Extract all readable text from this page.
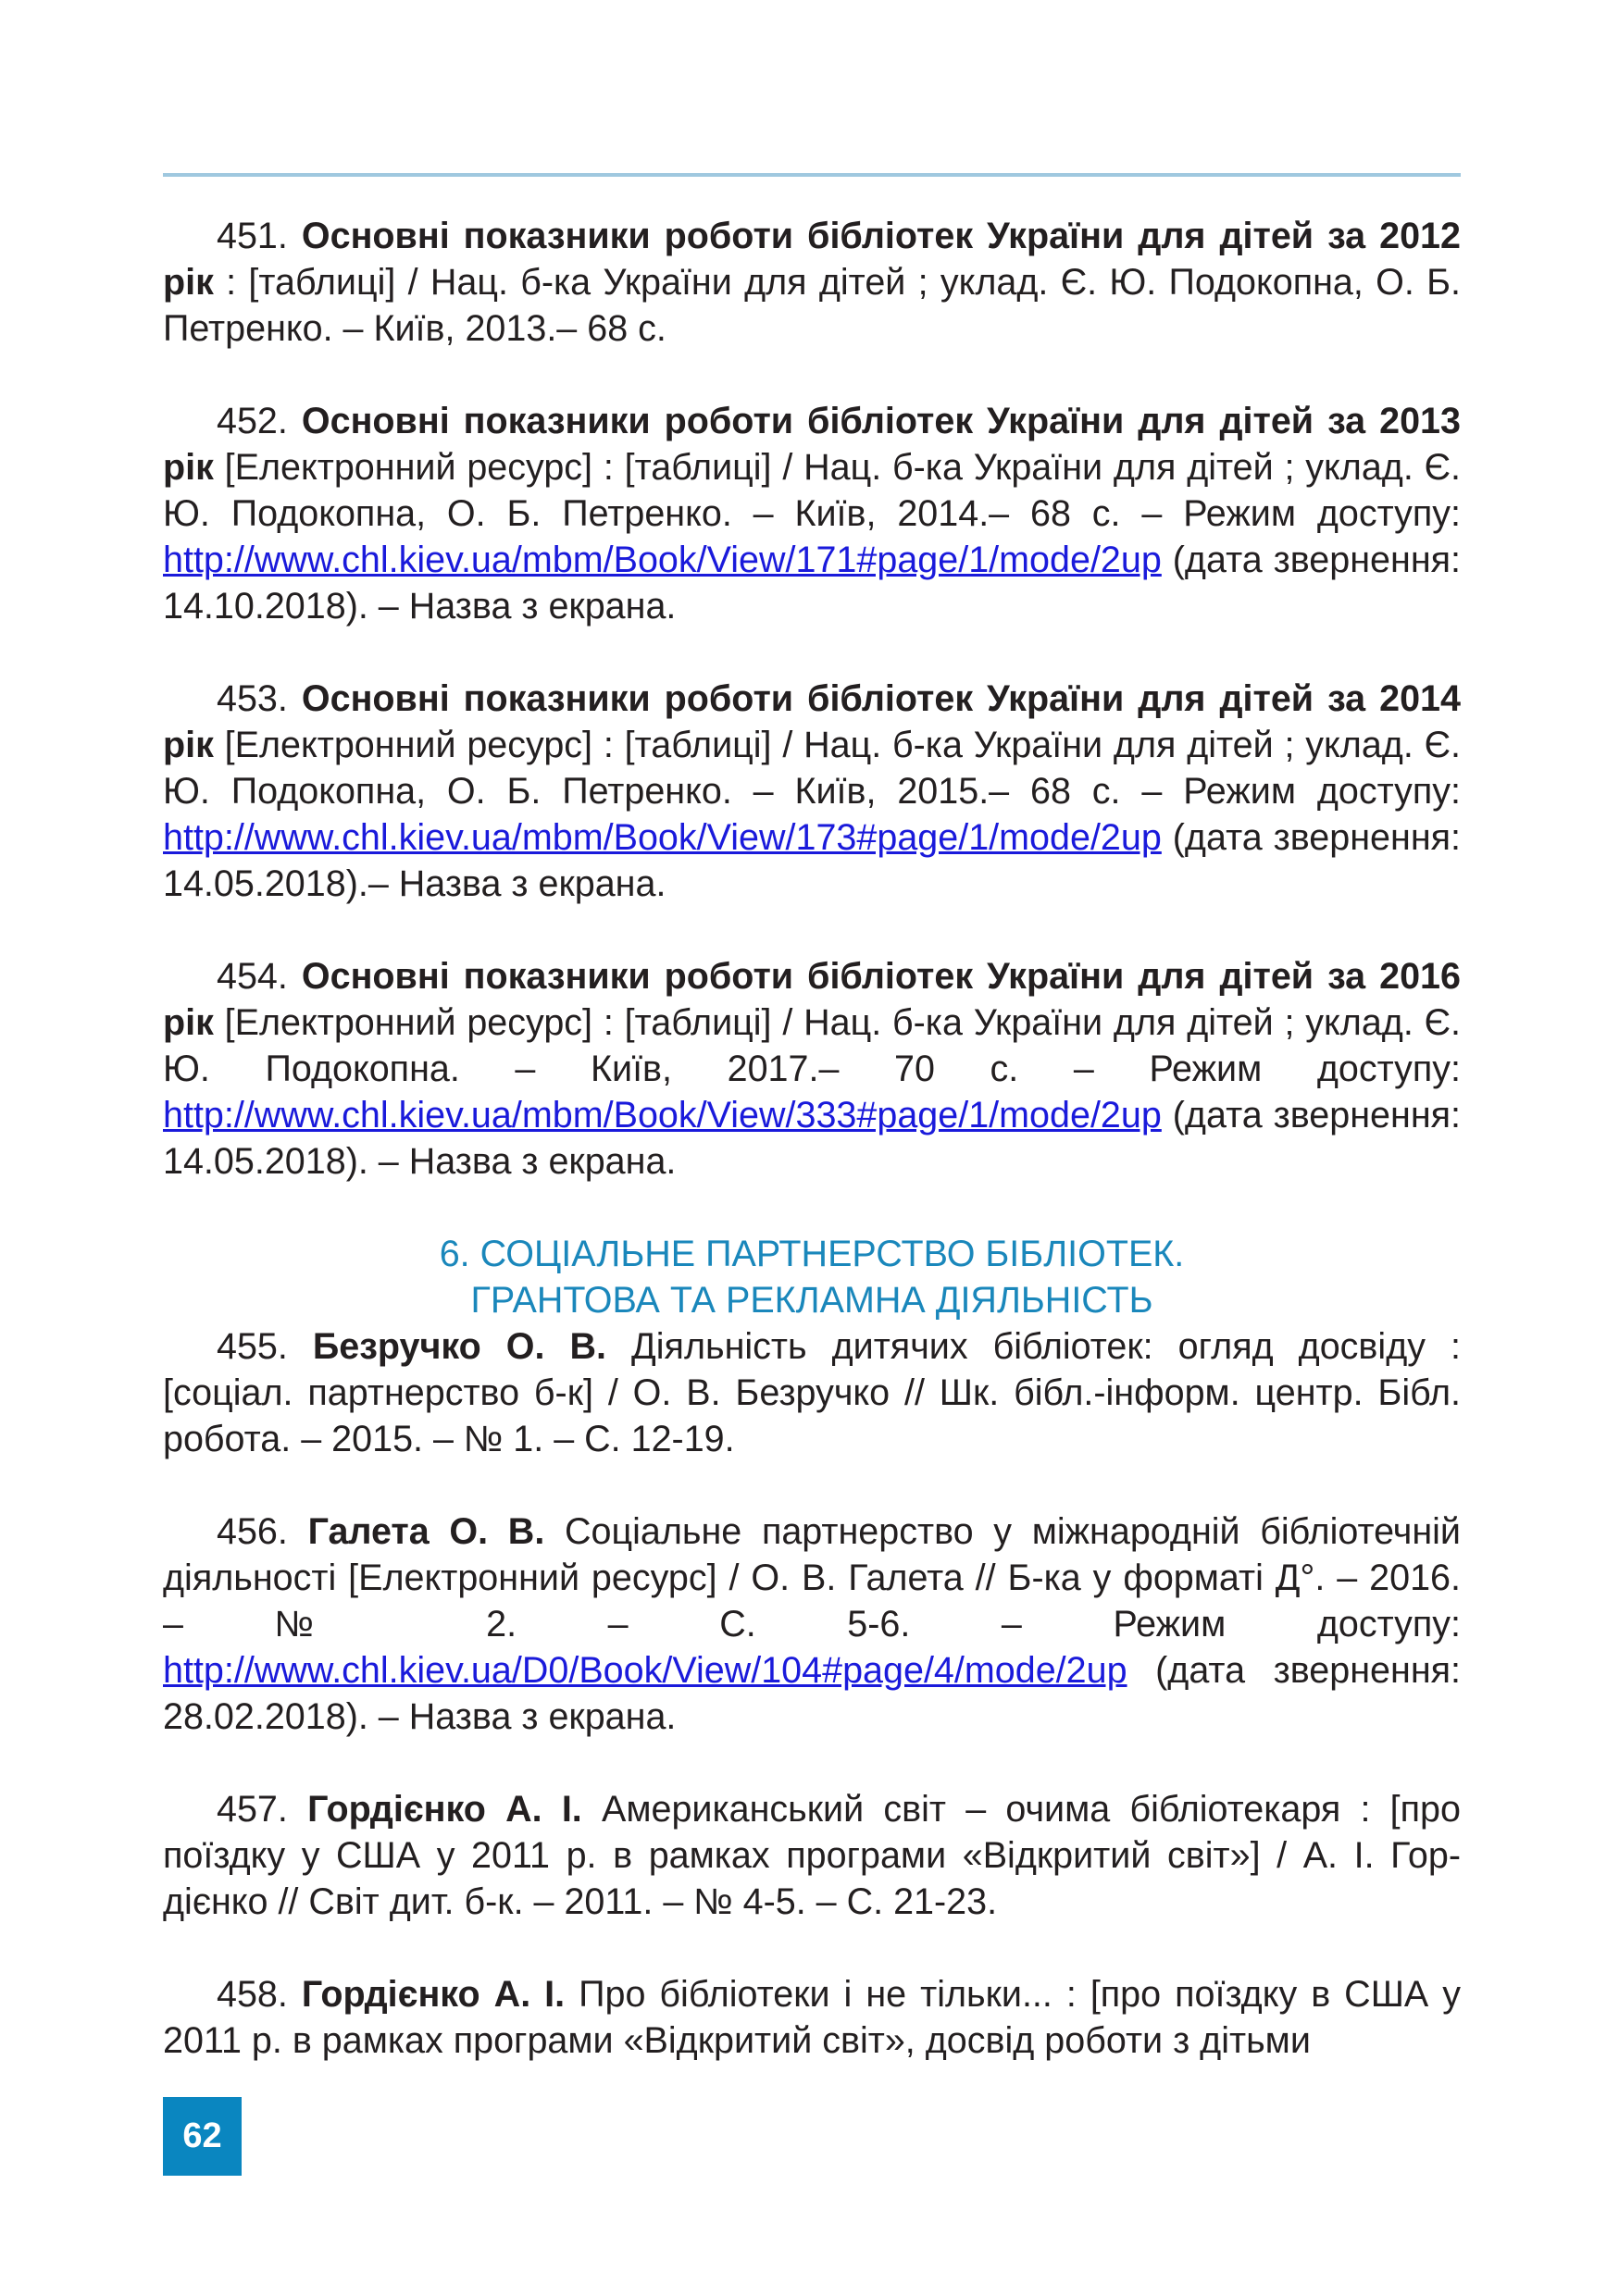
451. Основні показники роботи бібліотек України для дітей за 2012 рік : [таблиці] / Нац. б-ка України для дітей ; уклад. Є. Ю. Подокопна, О. Б. Петренко. – Київ, 2013.– 68 с.

452. Основні показники роботи бібліотек України для дітей за 2013 рік [Електронний ресурс] : [таблиці] / Нац. б-ка України для дітей ; уклад. Є. Ю. Подокопна, О. Б. Петренко. – Київ, 2014.– 68 с. – Режим доступу: http://www.chl.kiev.ua/mbm/Book/View/171#page/1/mode/2up (дата звернення: 14.10.2018). – Назва з екрана.

453. Основні показники роботи бібліотек України для дітей за 2014 рік [Електронний ресурс] : [таблиці] / Нац. б-ка України для дітей ; уклад. Є. Ю. Подокопна, О. Б. Петренко. – Київ, 2015.– 68 с. – Режим доступу: http://www.chl.kiev.ua/mbm/Book/View/173#page/1/mode/2up (дата звернення: 14.05.2018).– Назва з екрана.

454. Основні показники роботи бібліотек України для дітей за 2016 рік [Електронний ресурс] : [таблиці] / Нац. б-ка України для дітей ; уклад. Є. Ю. Подокопна. – Київ, 2017.– 70 с. – Режим доступу: http://www.chl.kiev.ua/mbm/Book/View/333#page/1/mode/2up (дата звернення: 14.05.2018). – Назва з екрана.

6. СОЦІАЛЬНЕ ПАРТНЕРСТВО БІБЛІОТЕК.
ГРАНТОВА ТА РЕКЛАМНА ДІЯЛЬНІСТЬ

455. Безручко О. В. Діяльність дитячих бібліотек: огляд досвіду : [соціал. партнерство б-к] / О. В. Безручко // Шк. бібл.-інформ. центр. Бібл. робота. – 2015. – № 1. – С. 12-19.

456. Галета О. В. Соціальне партнерство у міжнародній бібліотечній діяльності [Електронний ресурс] / О. В. Галета // Б-ка у форматі Д°. – 2016. – № 2. – С. 5-6. – Режим доступу: http://www.chl.kiev.ua/D0/Book/View/104#page/4/mode/2up (дата звернення: 28.02.2018). – Назва з екрана.

457. Гордієнко А. І. Американський світ – очима бібліотекаря : [про поїздку у США у 2011 р. в рамках програми «Відкритий світ»] / А. І. Гордієнко // Світ дит. б-к. – 2011. – № 4-5. – С. 21-23.

458. Гордієнко А. І. Про бібліотеки і не тільки... : [про поїздку в США у 2011 р. в рамках програми «Відкритий світ», досвід роботи з дітьми

62
